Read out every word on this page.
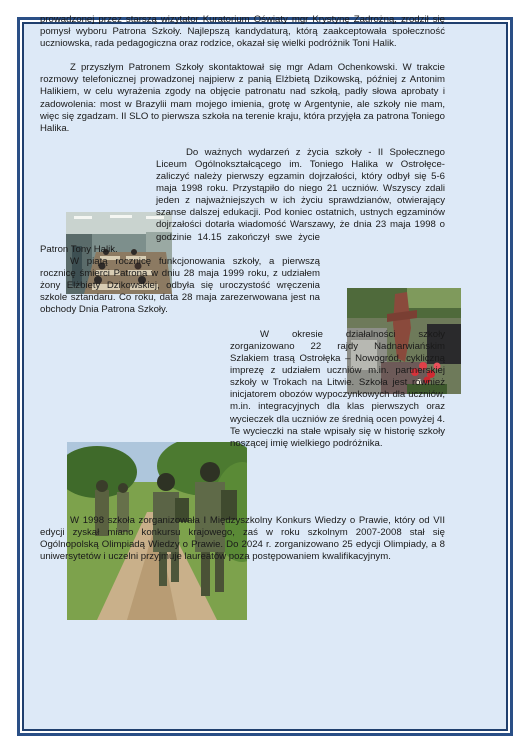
prowadzonej przez starszą wizytator Kuratorium Oświaty mgr Krystynę Zadrożną, zrodził się pomysł wyboru Patrona Szkoły. Najlepszą kandydaturą, którą zaakceptowała społeczność uczniowska, rada pedagogiczna oraz rodzice, okazał się wielki podróżnik Toni Halik.

Z przyszłym Patronem Szkoły skontaktował się mgr Adam Ochenkowski. W trakcie rozmowy telefonicznej prowadzonej najpierw z panią Elżbietą Dzikowską, później z Antonim Halikiem, w celu wyrażenia zgody na objęcie patronatu nad szkołą, padły słowa aprobaty i zadowolenia: most w Brazylii mam mojego imienia, grotę w Argentynie, ale szkoły nie mam, więc się zgadzam. II SLO to pierwsza szkoła na terenie kraju, która przyjęła za patrona Toniego Halika.

Do ważnych wydarzeń z życia szkoły - II Społecznego Liceum Ogólnokształcącego im. Toniego Halika w Ostrołęce- zaliczyć należy pierwszy egzamin dojrzałości, który odbył się 5-6 maja 1998 roku. Przystąpiło do niego 21 uczniów. Wszyscy zdali jeden z najważniejszych w ich życiu sprawdzianów, otwierający szanse dalszej edukacji. Pod koniec ostatnich, ustnych egzaminów dojrzałości dotarła wiadomość Warszawy, że dnia 23 maja 1998 o godzinie 14.15 zakończył swe życie Patron Tony Halik.

W piątą rocznicę funkcjonowania szkoły, a pierwszą rocznicę śmierci Patrona w dniu 28 maja 1999 roku, z udziałem żony Elżbiety Dzikowskiej, odbyła się uroczystość wręczenia szkole sztandaru. Co roku, data 28 maja zarezerwowana jest na obchody Dnia Patrona Szkoły.

W okresie działalności szkoły zorganizowano 22 rajdy Nadnarwiańskim Szlakiem trasą Ostrołęka – Nowogród, cykliczną imprezę z udziałem uczniów m.in. partnerskiej szkoły w Trokach na Litwie. Szkoła jest również inicjatorem obozów wypoczynkowych dla uczniów, m.in. integracyjnych dla klas pierwszych oraz wycieczek dla uczniów ze średnią ocen powyżej 4. Te wycieczki na stałe wpisały się w historię szkoły noszącej imię wielkiego podróżnika.

W 1998 szkoła zorganizowała I Międzyszkolny Konkurs Wiedzy o Prawie, który od VII edycji zyskał miano konkursu krajowego, zaś w roku szkolnym 2007-2008 stał się Ogólnopolską Olimpiadą Wiedzy o Prawie. Do 2024 r. zorganizowano 25 edycji Olimpiady, a 8 uniwersytetów i uczelni przyjmuje laureatów poza postępowaniem kwalifikacyjnym.
